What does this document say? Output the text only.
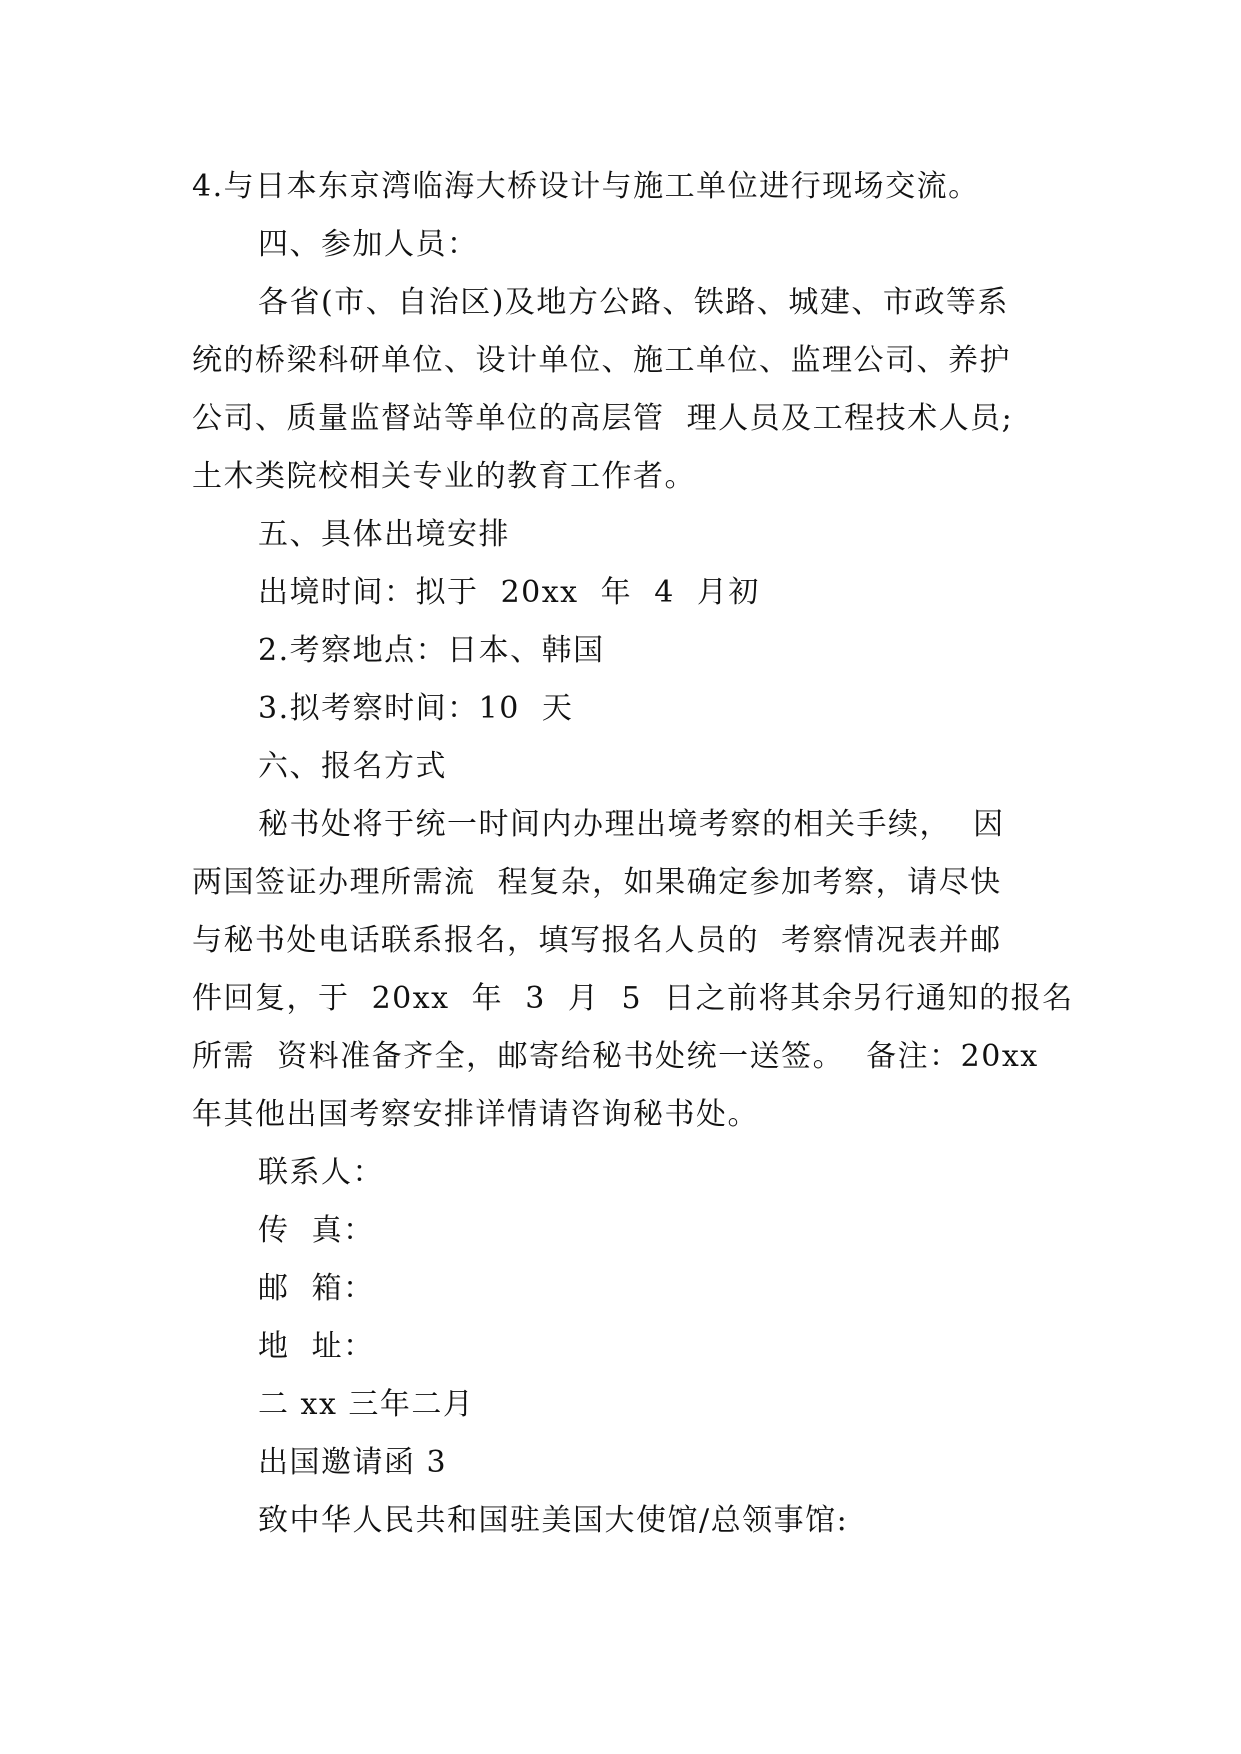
4.与日本东京湾临海大桥设计与施工单位进行现场交流。
四、参加人员：
各省(市、自治区)及地方公路、铁路、城建、市政等系
统的桥梁科研单位、设计单位、施工单位、监理公司、养护
公司、质量监督站等单位的高层管  理人员及工程技术人员;
土木类院校相关专业的教育工作者。
五、具体出境安排
出境时间：拟于  20xx  年  4  月初
2.考察地点：日本、韩国
3.拟考察时间：10  天
六、报名方式
秘书处将于统一时间内办理出境考察的相关手续，  因
两国签证办理所需流  程复杂，如果确定参加考察，请尽快
与秘书处电话联系报名，填写报名人员的  考察情况表并邮
件回复，于  20xx  年  3  月  5  日之前将其余另行通知的报名
所需  资料准备齐全，邮寄给秘书处统一送签。  备注：20xx
年其他出国考察安排详情请咨询秘书处。
联系人：
传  真：
邮  箱：
地  址：
二 xx 三年二月
出国邀请函 3
致中华人民共和国驻美国大使馆/总领事馆:
